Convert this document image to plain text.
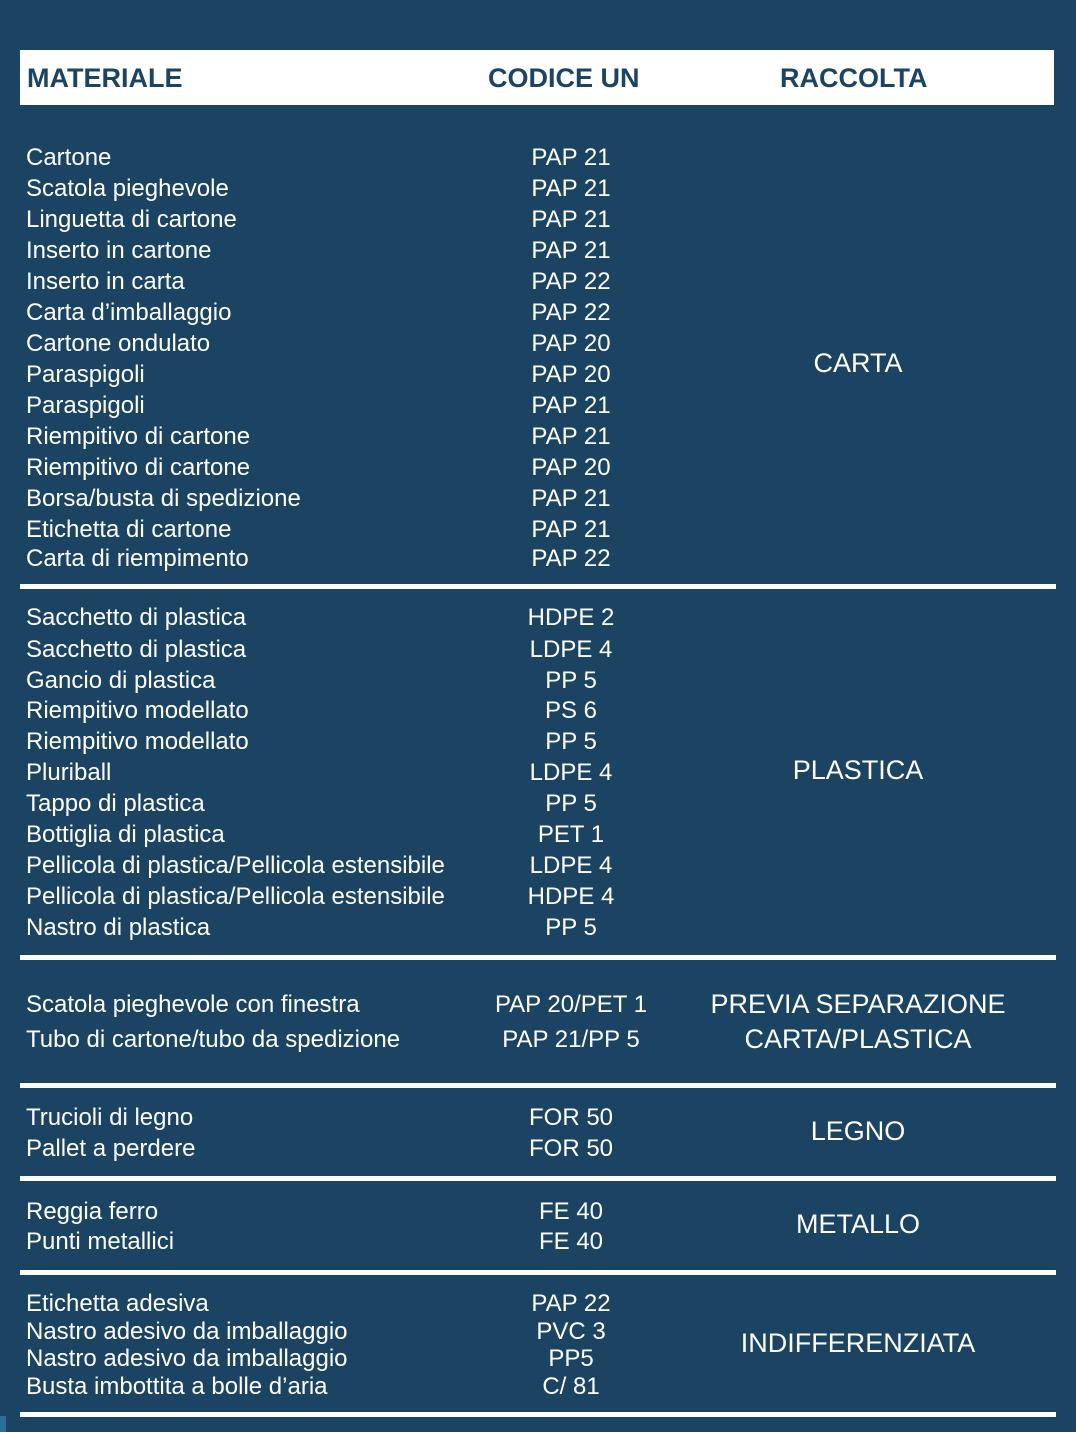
MATERIALE	CODICE UN	RACCOLTA
Cartone	PAP 21
Scatola pieghevole	PAP 21
Linguetta di cartone	PAP 21
Inserto in cartone	PAP 21
Inserto in carta	PAP 22
Carta d’imballaggio	PAP 22
Cartone ondulato	PAP 20
Paraspigoli	PAP 20
Paraspigoli	PAP 21
Riempitivo di cartone	PAP 21
Riempitivo di cartone	PAP 20
Borsa/busta di spedizione	PAP 21
Etichetta di cartone	PAP 21
Carta di riempimento	PAP 22
CARTA
Sacchetto di plastica	HDPE 2
Sacchetto di plastica	LDPE 4
Gancio di plastica	PP 5
Riempitivo modellato	PS 6
Riempitivo modellato	PP 5
Pluriball	LDPE 4
Tappo di plastica	PP 5
Bottiglia di plastica	PET 1
Pellicola di plastica/Pellicola estensibile	LDPE 4
Pellicola di plastica/Pellicola estensibile	HDPE 4
Nastro di plastica	PP 5
PLASTICA
Scatola pieghevole con finestra	PAP 20/PET 1
Tubo di cartone/tubo da spedizione	PAP 21/PP 5
PREVIA SEPARAZIONE
CARTA/PLASTICA
Trucioli di legno	FOR 50
Pallet a perdere	FOR 50
LEGNO
Reggia ferro	FE 40
Punti metallici	FE 40
METALLO
Etichetta adesiva	PAP 22
Nastro adesivo da imballaggio	PVC 3
Nastro adesivo da imballaggio	PP5
Busta imbottita a bolle d’aria	C/ 81
INDIFFERENZIATA
